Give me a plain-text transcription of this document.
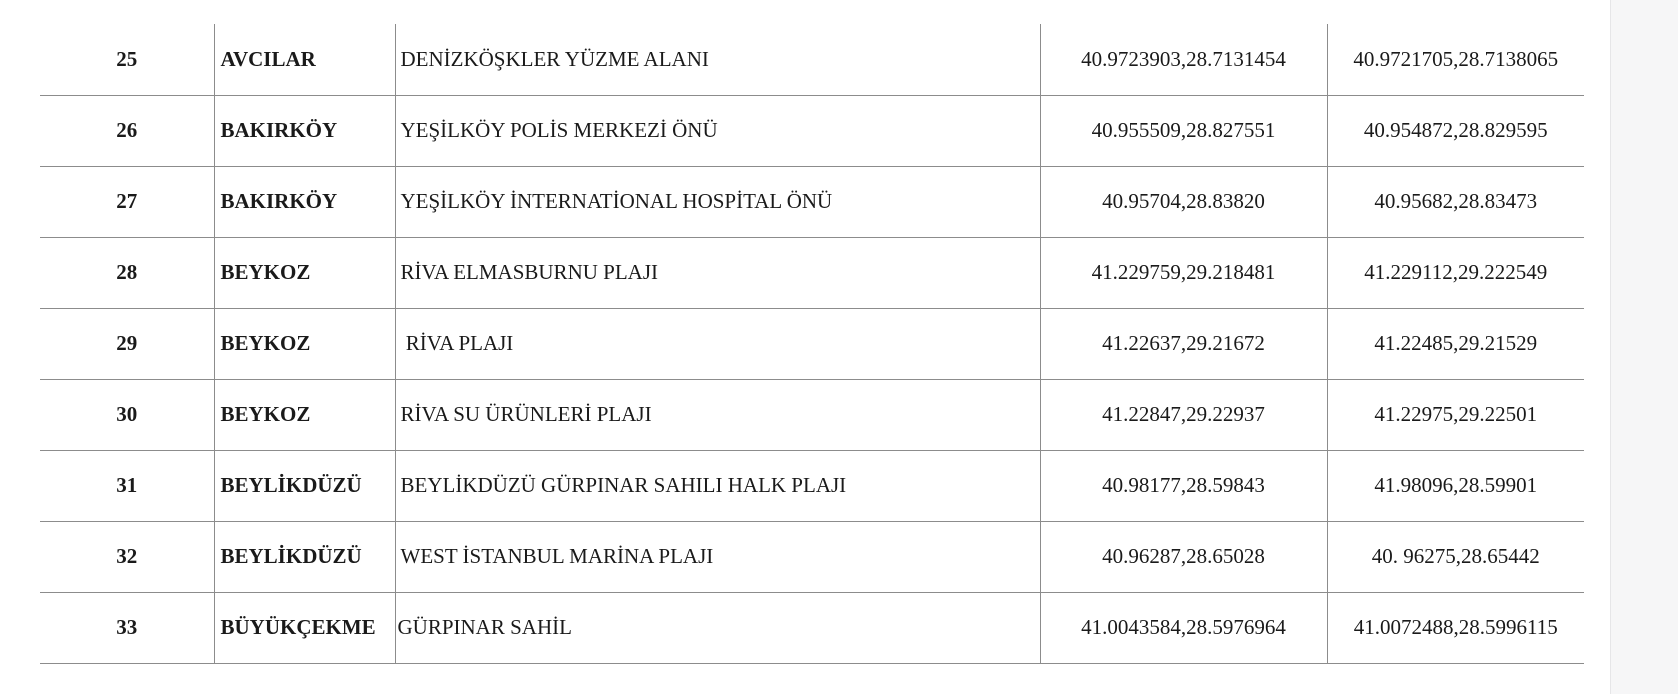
25	AVCILAR	DENİZKÖŞKLER YÜZME ALANI	40.9723903,28.7131454	40.9721705,28.7138065
26	BAKIRKÖY	YEŞİLKÖY POLİS MERKEZİ ÖNÜ	40.955509,28.827551	40.954872,28.829595
27	BAKIRKÖY	YEŞİLKÖY İNTERNATİONAL HOSPİTAL ÖNÜ	40.95704,28.83820	40.95682,28.83473
28	BEYKOZ	RİVA ELMASBURNU PLAJI	41.229759,29.218481	41.229112,29.222549
29	BEYKOZ	RİVA PLAJI	41.22637,29.21672	41.22485,29.21529
30	BEYKOZ	RİVA SU ÜRÜNLERİ PLAJI	41.22847,29.22937	41.22975,29.22501
31	BEYLİKDÜZÜ	BEYLİKDÜZÜ GÜRPINAR SAHILI HALK PLAJI	40.98177,28.59843	41.98096,28.59901
32	BEYLİKDÜZÜ	WEST İSTANBUL MARİNA PLAJI	40.96287,28.65028	40. 96275,28.65442
33	BÜYÜKÇEKME	GÜRPINAR SAHİL	41.0043584,28.5976964	41.0072488,28.5996115
